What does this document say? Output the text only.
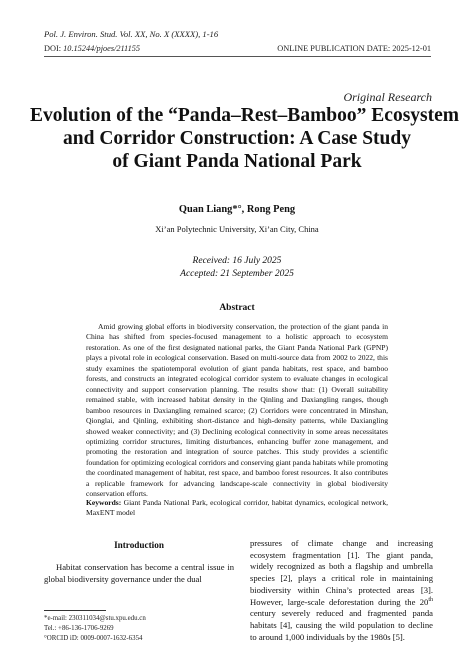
Pol. J. Environ. Stud. Vol. XX, No. X (XXXX), 1-16
DOI: 10.15244/pjoes/211155	ONLINE PUBLICATION DATE: 2025-12-01
Original Research
Evolution of the “Panda–Rest–Bamboo” Ecosystem
and Corridor Construction: A Case Study
of Giant Panda National Park
Quan Liang*°, Rong Peng
Xi’an Polytechnic University, Xi’an City, China
Received: 16 July 2025
Accepted: 21 September 2025
Abstract
Amid growing global efforts in biodiversity conservation, the protection of the giant panda in China has shifted from species-focused management to a holistic approach to ecosystem restoration. As one of the first designated national parks, the Giant Panda National Park (GPNP) plays a pivotal role in ecological conservation. Based on multi-source data from 2002 to 2022, this study examines the spatiotemporal evolution of giant panda habitats, rest space, and bamboo forests, and constructs an integrated ecological corridor system to evaluate changes in ecological connectivity and support conservation planning. The results show that: (1) Overall suitability remained stable, with increased habitat density in the Qinling and Daxiangling ranges, though bamboo resources in Daxiangling remained scarce; (2) Corridors were concentrated in Minshan, Qionglai, and Qinling, exhibiting short-distance and high-density patterns, while Daxiangling showed weaker connectivity; and (3) Declining ecological connectivity in some areas necessitates optimizing corridor structures, limiting disturbances, enhancing buffer zone management, and promoting the restoration and integration of source patches. This study provides a scientific foundation for optimizing ecological corridors and conserving giant panda habitats while promoting the coordinated management of habitat, rest space, and bamboo forest resources. It also contributes a replicable framework for advancing landscape-scale connectivity in global biodiversity conservation efforts.
Keywords: Giant Panda National Park, ecological corridor, habitat dynamics, ecological network, MaxENT model
Introduction
Habitat conservation has become a central issue in global biodiversity governance under the dual
pressures of climate change and increasing ecosystem fragmentation [1]. The giant panda, widely recognized as both a flagship and umbrella species [2], plays a critical role in maintaining biodiversity within China’s protected areas [3]. However, large-scale deforestation during the 20th century severely reduced and fragmented panda habitats [4], causing the wild population to decline to around 1,000 individuals by the 1980s [5].
*e-mail: 230311034@stu.xpu.edu.cn
Tel.: +86-136-1706-9269
°ORCID iD: 0009-0007-1632-6354
